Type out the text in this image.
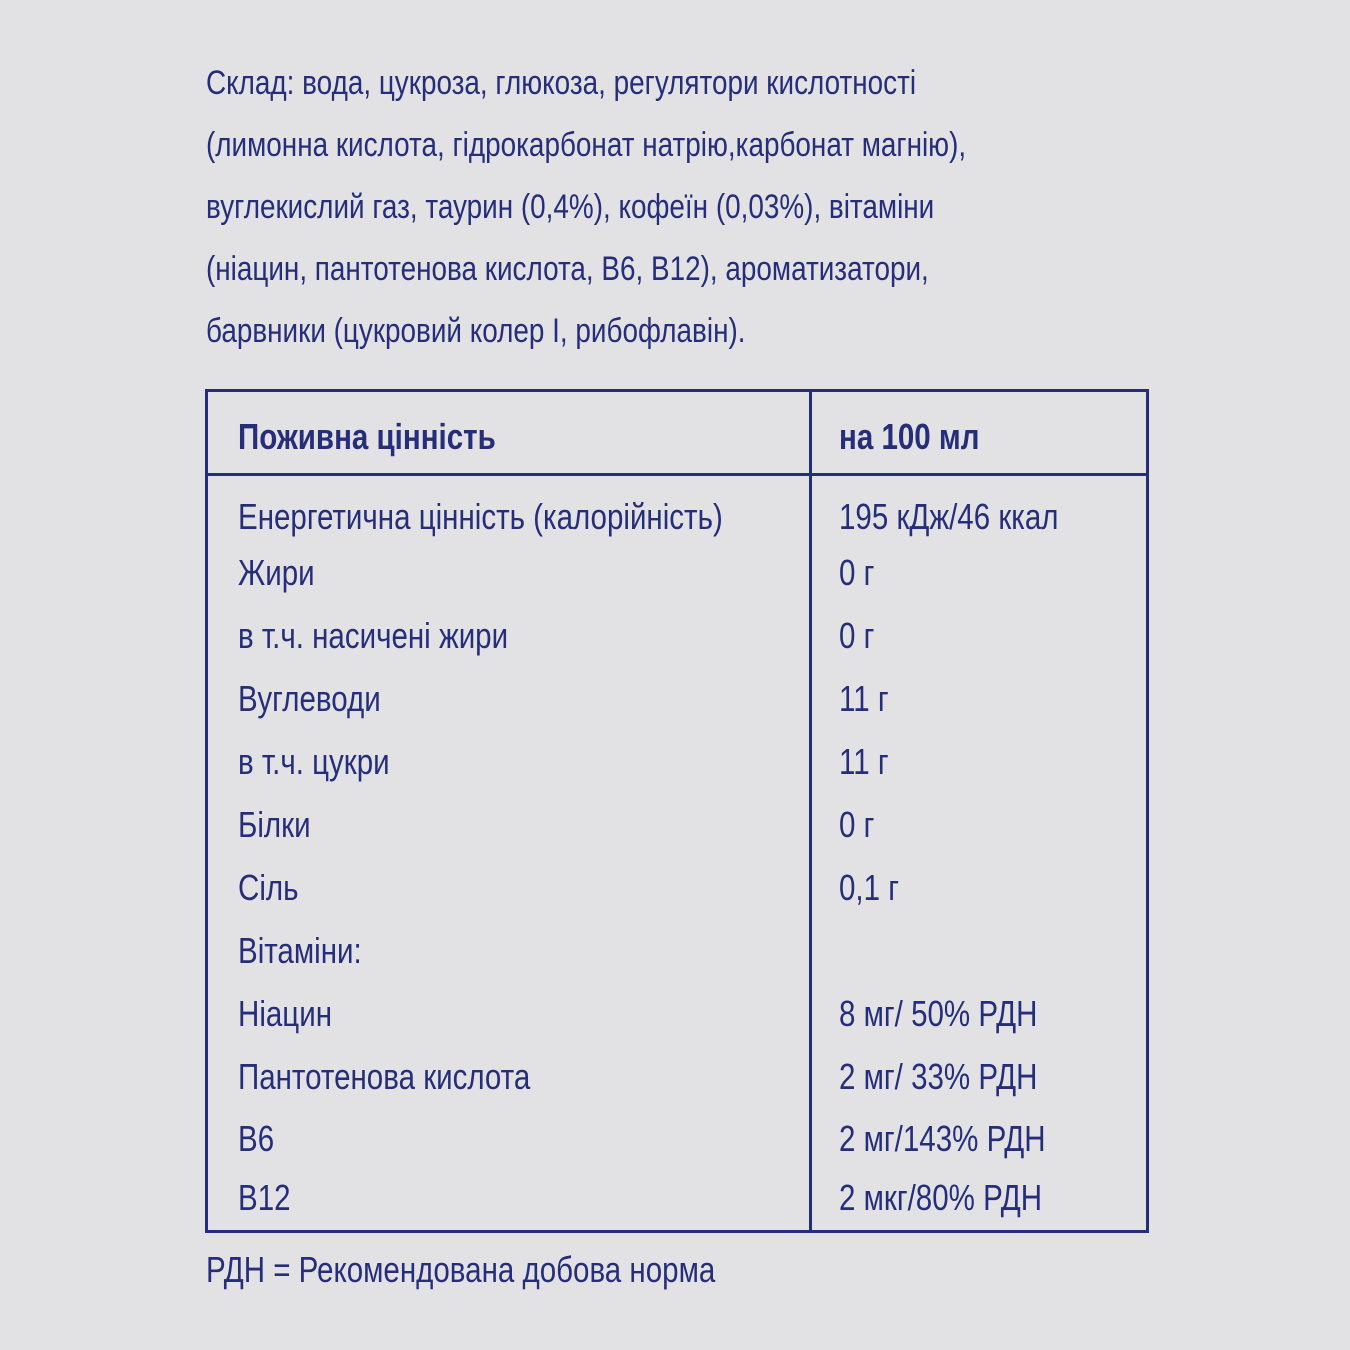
Склад: вода, цукроза, глюкоза, регулятори кислотності
(лимонна кислота, гідрокарбонат натрію,карбонат магнію),
вуглекислий газ, таурин (0,4%), кофеїн (0,03%), вітаміни
(ніацин, пантотенова кислота, В6, В12), ароматизатори,
барвники (цукровий колер І, рибофлавін).
Поживна цінність	на 100 мл
Енергетична цінність (калорійність)	195 кДж/46 ккал
Жири	0 г
в т.ч. насичені жири	0 г
Вуглеводи	11 г
в т.ч. цукри	11 г
Білки	0 г
Сіль	0,1 г
Вітаміни:
Ніацин	8 мг/ 50% РДН
Пантотенова кислота	2 мг/ 33% РДН
В6	2 мг/143% РДН
В12	2 мкг/80% РДН
РДН = Рекомендована добова норма
